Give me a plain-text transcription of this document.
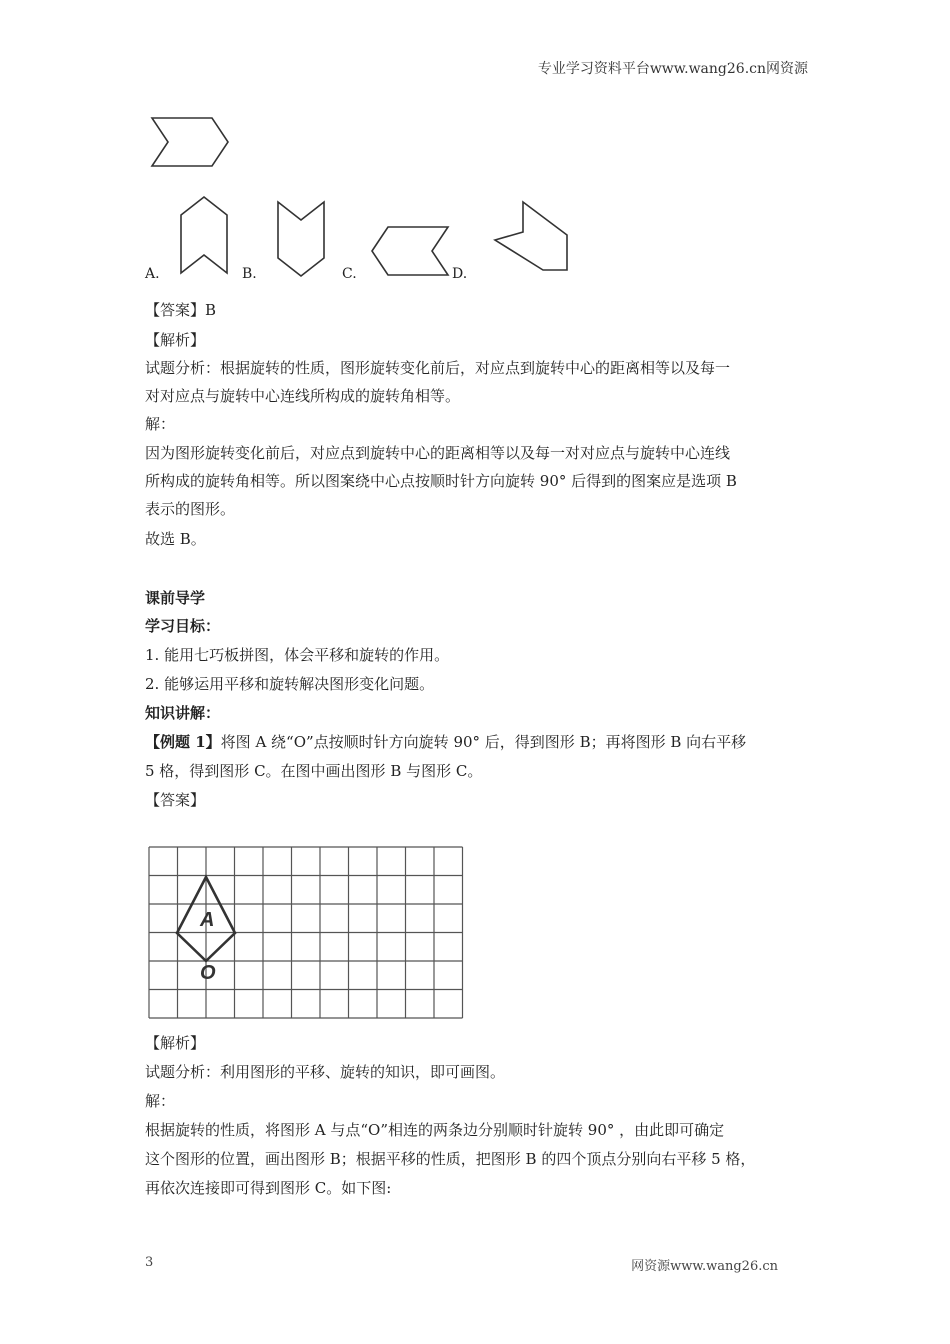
专业学习资料平台www.wang26.cn网资源
A.	B.	C.	D.
【答案】B
【解析】
试题分析：根据旋转的性质，图形旋转变化前后，对应点到旋转中心的距离相等以及每一
对对应点与旋转中心连线所构成的旋转角相等。
解：
因为图形旋转变化前后，对应点到旋转中心的距离相等以及每一对对应点与旋转中心连线
所构成的旋转角相等。所以图案绕中心点按顺时针方向旋转 90° 后得到的图案应是选项 B
表示的图形。
故选 B。
课前导学
学习目标：
1. 能用七巧板拼图，体会平移和旋转的作用。
2. 能够运用平移和旋转解决图形变化问题。
知识讲解：
【例题 1】将图 A 绕“O”点按顺时针方向旋转 90° 后，得到图形 B；再将图形 B 向右平移
5 格，得到图形 C。在图中画出图形 B 与图形 C。
【答案】
A
O
【解析】
试题分析：利用图形的平移、旋转的知识，即可画图。
解：
根据旋转的性质，将图形 A 与点“O”相连的两条边分别顺时针旋转 90° ，由此即可确定
这个图形的位置，画出图形 B；根据平移的性质，把图形 B 的四个顶点分别向右平移 5 格，
再依次连接即可得到图形 C。如下图:
3	网资源www.wang26.cn
